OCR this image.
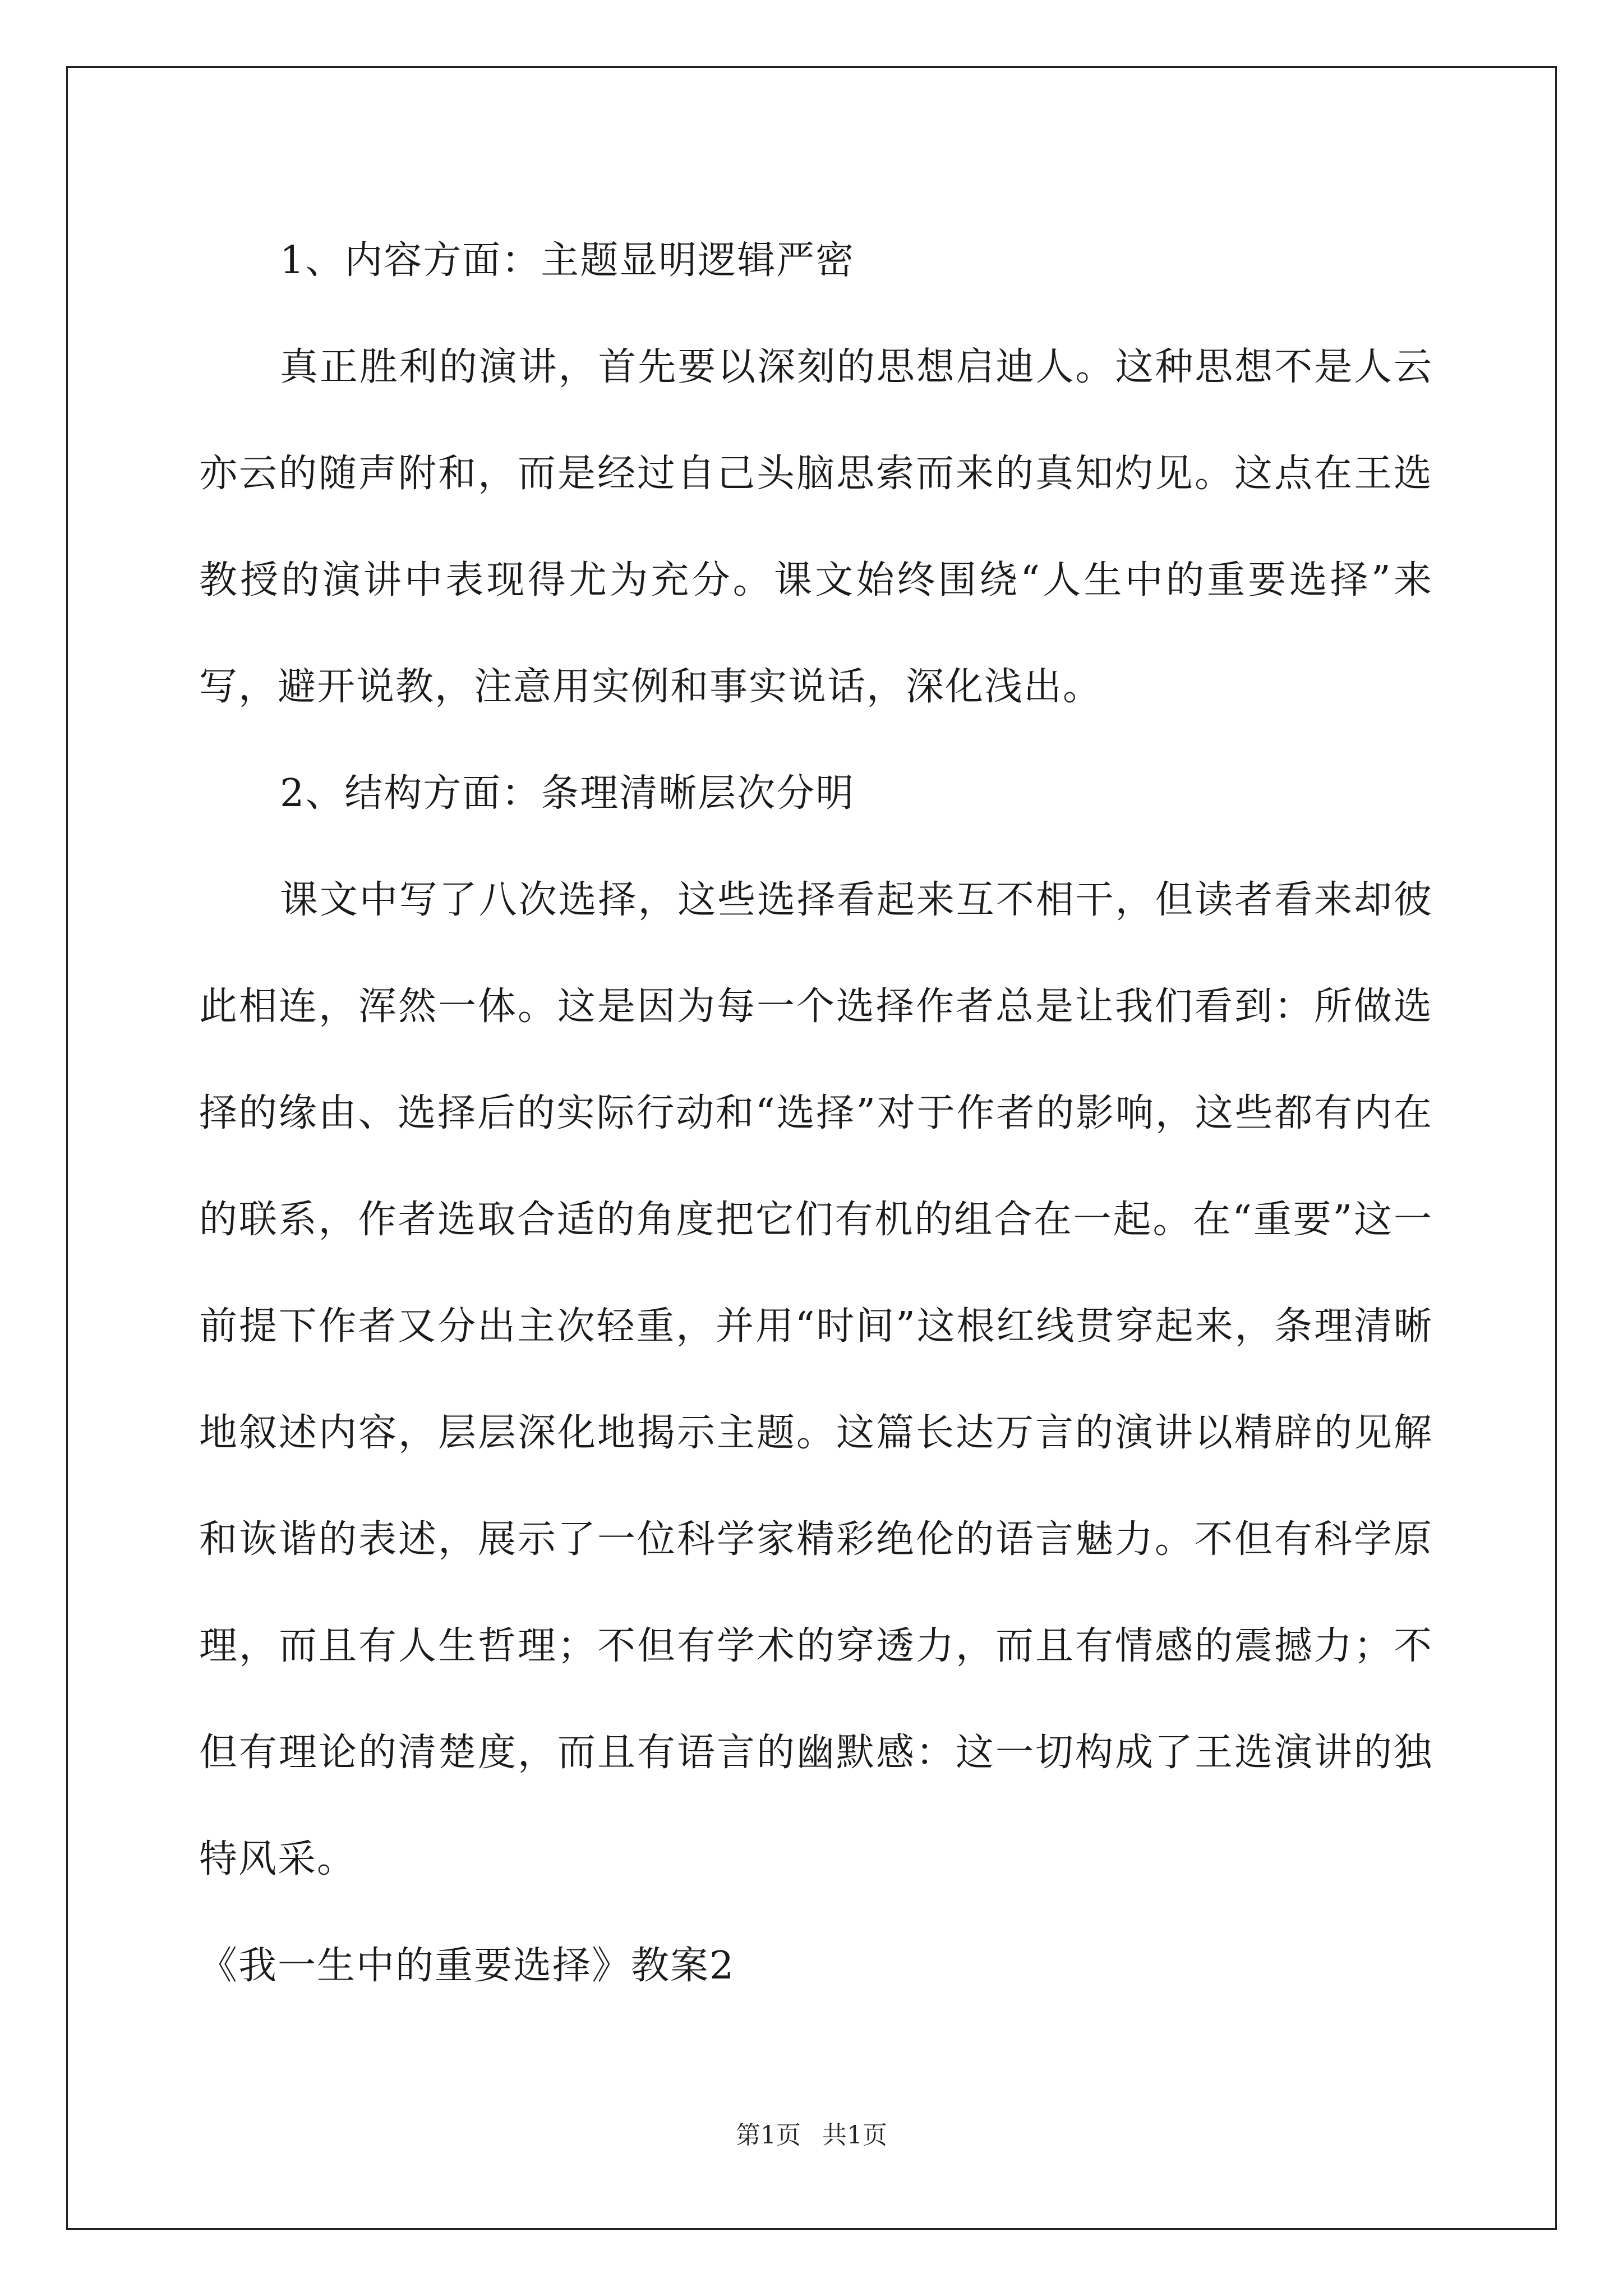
1、内容方面：主题显明逻辑严密

真正胜利的演讲，首先要以深刻的思想启迪人。这种思想不是人云亦云的随声附和，而是经过自己头脑思索而来的真知灼见。这点在王选教授的演讲中表现得尤为充分。课文始终围绕“人生中的重要选择”来写，避开说教，注意用实例和事实说话，深化浅出。

2、结构方面：条理清晰层次分明

课文中写了八次选择，这些选择看起来互不相干，但读者看来却彼此相连，浑然一体。这是因为每一个选择作者总是让我们看到：所做选择的缘由、选择后的实际行动和“选择”对于作者的影响，这些都有内在的联系，作者选取合适的角度把它们有机的组合在一起。在“重要”这一前提下作者又分出主次轻重，并用“时间”这根红线贯穿起来，条理清晰地叙述内容，层层深化地揭示主题。这篇长达万言的演讲以精辟的见解和诙谐的表述，展示了一位科学家精彩绝伦的语言魅力。不但有科学原理，而且有人生哲理；不但有学术的穿透力，而且有情感的震撼力；不但有理论的清楚度，而且有语言的幽默感：这一切构成了王选演讲的独特风采。

《我一生中的重要选择》教案2

第1页 共1页
